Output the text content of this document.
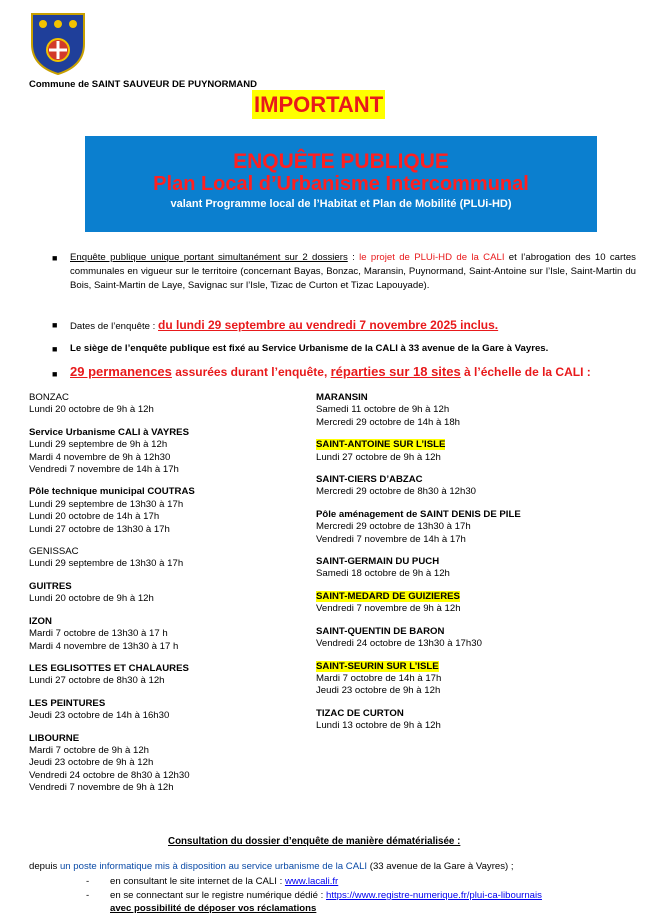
Commune de SAINT SAUVEUR DE PUYNORMAND
IMPORTANT
ENQUÊTE PUBLIQUE
Plan Local d’Urbanisme Intercommunal
valant Programme local de l’Habitat et Plan de Mobilité (PLUi-HD)
■ Enquête publique unique portant simultanément sur 2 dossiers : le projet de PLUi-HD de la CALI et l’abrogation des 10 cartes communales en vigueur sur le territoire (concernant Bayas, Bonzac, Maransin, Puynormand, Saint-Antoine sur l’Isle, Saint-Martin du Bois, Saint-Martin de Laye, Savignac sur l’Isle, Tizac de Curton et Tizac Lapouyade).
■ Dates de l’enquête : du lundi 29 septembre au vendredi 7 novembre 2025 inclus.
■ Le siège de l’enquête publique est fixé au Service Urbanisme de la CALI à 33 avenue de la Gare à Vayres.
■ 29 permanences assurées durant l’enquête, réparties sur 18 sites à l’échelle de la CALI :
BONZAC
Lundi 20 octobre de 9h à 12h
Service Urbanisme CALI à VAYRES
Lundi 29 septembre de 9h à 12h
Mardi 4 novembre de 9h à 12h30
Vendredi 7 novembre de 14h à 17h
Pôle technique municipal COUTRAS
Lundi 29 septembre de 13h30 à 17h
Lundi 20 octobre de 14h à 17h
Lundi 27 octobre de 13h30 à 17h
GENISSAC
Lundi 29 septembre de 13h30 à 17h
GUITRES
Lundi 20 octobre de 9h à 12h
IZON
Mardi 7 octobre de 13h30 à 17 h
Mardi 4 novembre de 13h30 à 17 h
LES EGLISOTTES ET CHALAURES
Lundi 27 octobre de 8h30 à 12h
LES PEINTURES
Jeudi 23 octobre de 14h à 16h30
LIBOURNE
Mardi 7 octobre de 9h à 12h
Jeudi 23 octobre de 9h à 12h
Vendredi 24 octobre de 8h30 à 12h30
Vendredi 7 novembre de 9h à 12h
MARANSIN
Samedi 11 octobre de 9h à 12h
Mercredi 29 octobre de 14h à 18h
SAINT-ANTOINE SUR L’ISLE
Lundi 27 octobre de 9h à 12h
SAINT-CIERS D’ABZAC
Mercredi 29 octobre de 8h30 à 12h30
Pôle aménagement de SAINT DENIS DE PILE
Mercredi 29 octobre de 13h30 à 17h
Vendredi 7 novembre de 14h à 17h
SAINT-GERMAIN DU PUCH
Samedi 18 octobre de 9h à 12h
SAINT-MEDARD DE GUIZIERES
Vendredi 7 novembre de 9h à 12h
SAINT-QUENTIN DE BARON
Vendredi 24 octobre de 13h30 à 17h30
SAINT-SEURIN SUR L’ISLE
Mardi 7 octobre de 14h à 17h
Jeudi 23 octobre de 9h à 12h
TIZAC DE CURTON
Lundi 13 octobre de 9h à 12h
Consultation du dossier d’enquête de manière dématérialisée :
depuis un poste informatique mis à disposition au service urbanisme de la CALI (33 avenue de la Gare à Vayres) ;
- en consultant le site internet de la CALI : www.lacali.fr
- en se connectant sur le registre numérique dédié : https://www.registre-numerique.fr/plui-ca-libournais
avec possibilité de déposer vos réclamations
